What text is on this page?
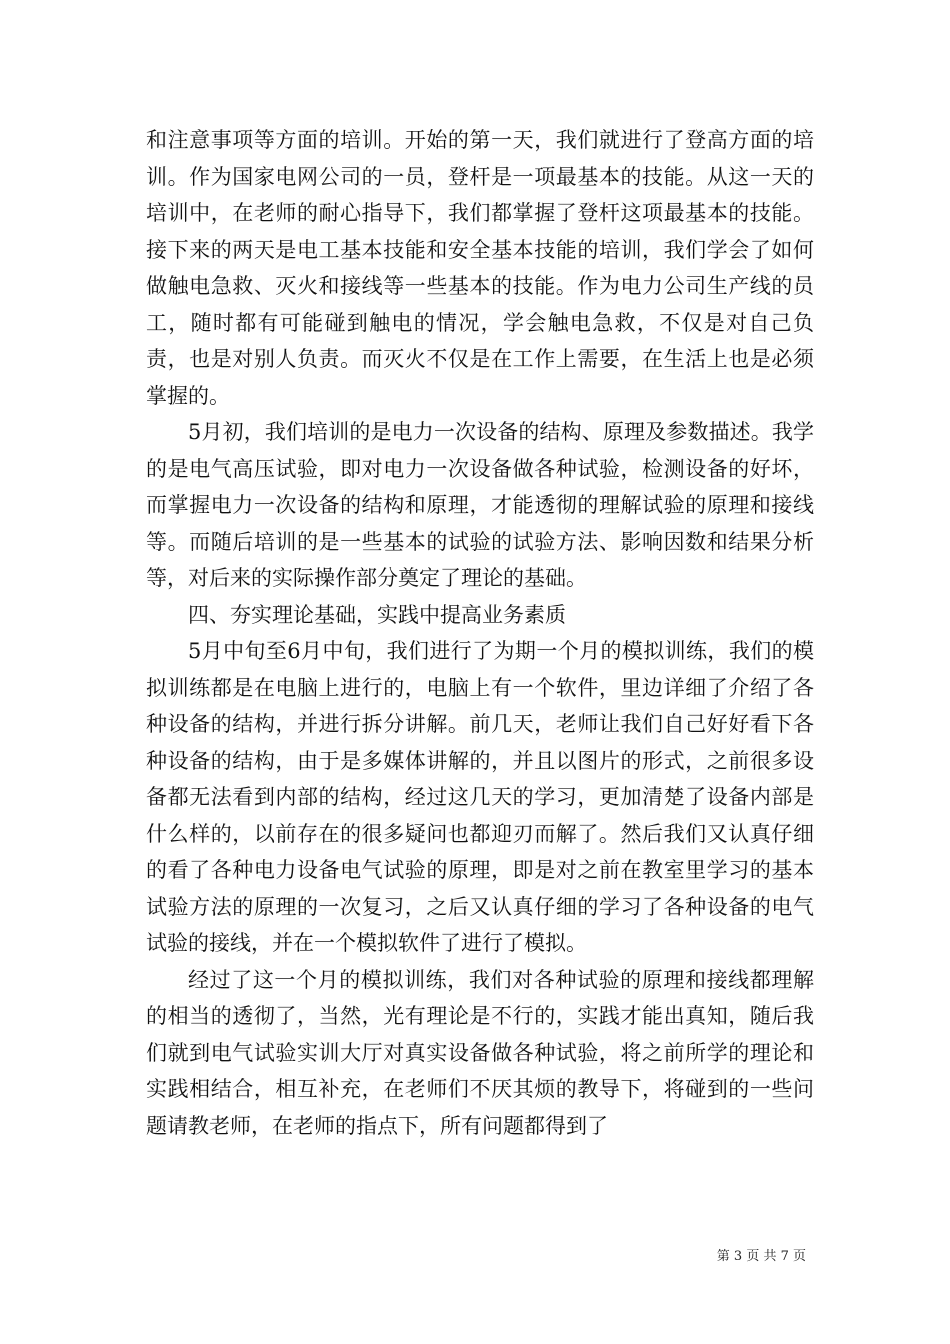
和注意事项等方面的培训。开始的第一天，我们就进行了登高方面的培训。作为国家电网公司的一员，登杆是一项最基本的技能。从这一天的培训中，在老师的耐心指导下，我们都掌握了登杆这项最基本的技能。接下来的两天是电工基本技能和安全基本技能的培训，我们学会了如何做触电急救、灭火和接线等一些基本的技能。作为电力公司生产线的员工，随时都有可能碰到触电的情况，学会触电急救，不仅是对自己负责，也是对别人负责。而灭火不仅是在工作上需要，在生活上也是必须掌握的。

5月初，我们培训的是电力一次设备的结构、原理及参数描述。我学的是电气高压试验，即对电力一次设备做各种试验，检测设备的好坏，而掌握电力一次设备的结构和原理，才能透彻的理解试验的原理和接线等。而随后培训的是一些基本的试验的试验方法、影响因数和结果分析等，对后来的实际操作部分奠定了理论的基础。

四、夯实理论基础，实践中提高业务素质

5月中旬至6月中旬，我们进行了为期一个月的模拟训练，我们的模拟训练都是在电脑上进行的，电脑上有一个软件，里边详细了介绍了各种设备的结构，并进行拆分讲解。前几天，老师让我们自己好好看下各种设备的结构，由于是多媒体讲解的，并且以图片的形式，之前很多设备都无法看到内部的结构，经过这几天的学习，更加清楚了设备内部是什么样的，以前存在的很多疑问也都迎刃而解了。然后我们又认真仔细的看了各种电力设备电气试验的原理，即是对之前在教室里学习的基本试验方法的原理的一次复习，之后又认真仔细的学习了各种设备的电气试验的接线，并在一个模拟软件了进行了模拟。

经过了这一个月的模拟训练，我们对各种试验的原理和接线都理解的相当的透彻了，当然，光有理论是不行的，实践才能出真知，随后我们就到电气试验实训大厅对真实设备做各种试验，将之前所学的理论和实践相结合，相互补充，在老师们不厌其烦的教导下，将碰到的一些问题请教老师，在老师的指点下，所有问题都得到了

第 3 页 共 7 页
